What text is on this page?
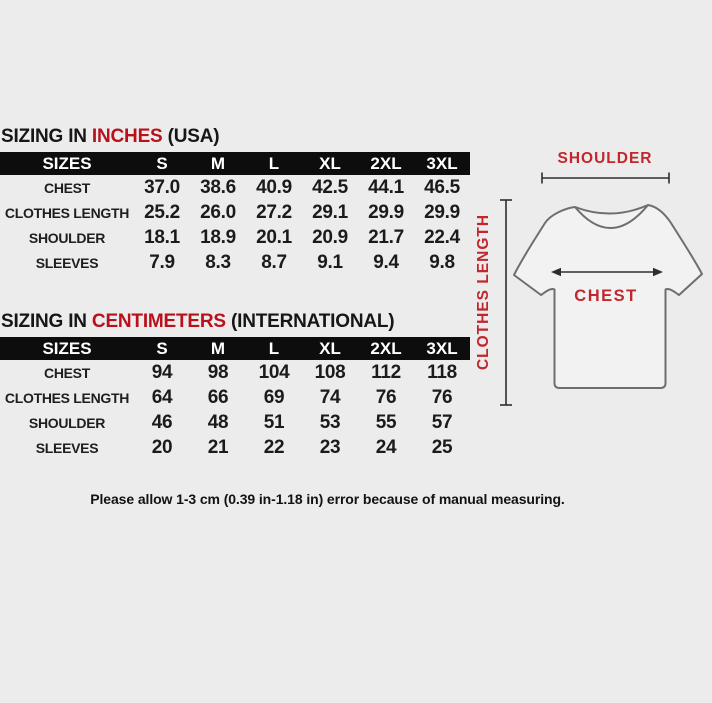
SIZING IN INCHES (USA)
SIZES	S	M	L	XL	2XL	3XL
CHEST	37.0	38.6	40.9	42.5	44.1	46.5
CLOTHES LENGTH 25.2	26.0	27.2	29.1	29.9	29.9
SHOULDER	18.1	18.9	20.1	20.9	21.7	22.4
SLEEVES	7.9	8.3	8.7	9.1	9.4	9.8
SIZING IN CENTIMETERS (INTERNATIONAL)
SIZES	S	M	L	XL	2XL	3XL
CHEST	94	98	104	108	112	118
CLOTHES LENGTH	64	66	69	74	76	76
SHOULDER	46	48	51	53	55	57
SLEEVES	20	21	22	23	24	25
SHOULDER
CLOTHES LENGTH	CHEST
Please allow 1-3 cm (0.39 in-1.18 in) error because of manual measuring.
